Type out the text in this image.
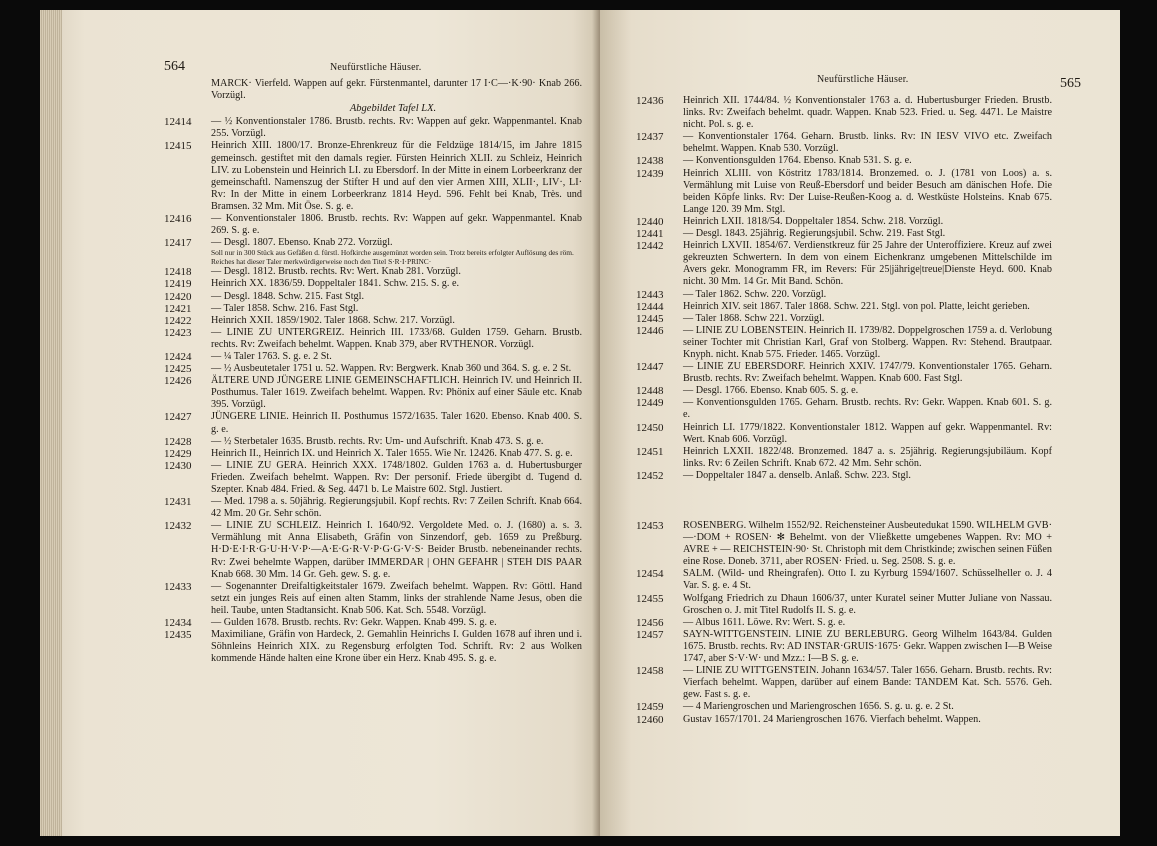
564	Neufürstliche Häuser.
MARCK· Vierfeld. Wappen auf gekr. Fürstenmantel, darunter 17 I·C—·K·90· Knab 266. Vorzügl.
Abgebildet Tafel LX.
12414	— ½ Konventionstaler 1786. Brustb. rechts. Rv: Wappen auf gekr. Wappenmantel. Knab 255. Vorzügl.
12415	Heinrich XIII. 1800/17. Bronze-Ehrenkreuz für die Feldzüge 1814/15, im Jahre 1815 gemeinsch. gestiftet mit den damals regier. Fürsten Heinrich XLII. zu Schleiz, Heinrich LIV. zu Lobenstein und Heinrich LI. zu Ebersdorf. In der Mitte in einem Lorbeerkranz der gemeinschaftl. Namenszug der Stifter H und auf den vier Armen XIII, XLII·, LIV·, LI· Rv: In der Mitte in einem Lorbeerkranz 1814 Heyd. 596. Fehlt bei Knab, Très. und Bramsen. 32 Mm. Mit Öse. S. g. e.
12416	— Konventionstaler 1806. Brustb. rechts. Rv: Wappen auf gekr. Wappenmantel. Knab 269. S. g. e.
12417	— Desgl. 1807. Ebenso. Knab 272. Vorzügl.
Soll nur in 300 Stück aus Gefäßen d. fürstl. Hofkirche ausgemünzt worden sein. Trotz bereits erfolgter Auflösung des röm. Reiches hat dieser Taler merkwürdigerweise noch den Titel S·R·I·PRINC·
12418	— Desgl. 1812. Brustb. rechts. Rv: Wert. Knab 281. Vorzügl.
12419	Heinrich XX. 1836/59. Doppeltaler 1841. Schw. 215. S. g. e.
12420	— Desgl. 1848. Schw. 215. Fast Stgl.
12421	— Taler 1858. Schw. 216. Fast Stgl.
12422	Heinrich XXII. 1859/1902. Taler 1868. Schw. 217. Vorzügl.
12423	— LINIE ZU UNTERGREIZ. Heinrich III. 1733/68. Gulden 1759. Geharn. Brustb. rechts. Rv: Zweifach behelmt. Wappen. Knab 379, aber RVTHENOR. Vorzügl.
12424	— ¼ Taler 1763. S. g. e. 2 St.
12425	— ½ Ausbeutetaler 1751 u. 52. Wappen. Rv: Bergwerk. Knab 360 und 364. S. g. e. 2 St.
12426	ÄLTERE UND JÜNGERE LINIE GEMEINSCHAFTLICH. Heinrich IV. und Heinrich II. Posthumus. Taler 1619. Zweifach behelmt. Wappen. Rv: Phönix auf einer Säule etc. Knab 395. Vorzügl.
12427	JÜNGERE LINIE. Heinrich II. Posthumus 1572/1635. Taler 1620. Ebenso. Knab 400. S. g. e.
12428	— ½ Sterbetaler 1635. Brustb. rechts. Rv: Um- und Aufschrift. Knab 473. S. g. e.
12429	Heinrich II., Heinrich IX. und Heinrich X. Taler 1655. Wie Nr. 12426. Knab 477. S. g. e.
12430	— LINIE ZU GERA. Heinrich XXX. 1748/1802. Gulden 1763 a. d. Hubertusburger Frieden. Zweifach behelmt. Wappen. Rv: Der personif. Friede übergibt d. Tugend d. Szepter. Knab 484. Fried. & Seg. 4471 b. Le Maistre 602. Stgl. Justiert.
12431	— Med. 1798 a. s. 50jährig. Regierungsjubil. Kopf rechts. Rv: 7 Zeilen Schrift. Knab 664. 42 Mm. 20 Gr. Sehr schön.
12432	— LINIE ZU SCHLEIZ. Heinrich I. 1640/92. Vergoldete Med. o. J. (1680) a. s. 3. Vermählung mit Anna Elisabeth, Gräfin von Sinzendorf, geb. 1659 zu Preßburg. H·D·E·I·R·G·U·H·V·P·—A·E·G·R·V·P·G·G·V·S· Beider Brustb. nebeneinander rechts. Rv: Zwei behelmte Wappen, darüber IMMERDAR | OHN GEFAHR | STEH DIS PAAR Knab 668. 30 Mm. 14 Gr. Geh. gew. S. g. e.
12433	— Sogenannter Dreifaltigkeitstaler 1679. Zweifach behelmt. Wappen. Rv: Göttl. Hand setzt ein junges Reis auf einen alten Stamm, links der strahlende Name Jesus, oben die heil. Taube, unten Stadtansicht. Knab 506. Kat. Sch. 5548. Vorzügl.
12434	— Gulden 1678. Brustb. rechts. Rv: Gekr. Wappen. Knab 499. S. g. e.
12435	Maximiliane, Gräfin von Hardeck, 2. Gemahlin Heinrichs I. Gulden 1678 auf ihren und i. Söhnleins Heinrich XIX. zu Regensburg erfolgten Tod. Schrift. Rv: 2 aus Wolken kommende Hände halten eine Krone über ein Herz. Knab 495. S. g. e.
Neufürstliche Häuser.	565
12436	Heinrich XII. 1744/84. ½ Konventionstaler 1763 a. d. Hubertusburger Frieden. Brustb. links. Rv: Zweifach behelmt. quadr. Wappen. Knab 523. Fried. u. Seg. 4471. Le Maistre nicht. Pol. s. g. e.
12437	— Konventionstaler 1764. Geharn. Brustb. links. Rv: IN IESV VIVO etc. Zweifach behelmt. Wappen. Knab 530. Vorzügl.
12438	— Konventionsgulden 1764. Ebenso. Knab 531. S. g. e.
12439	Heinrich XLIII. von Köstritz 1783/1814. Bronzemed. o. J. (1781 von Loos) a. s. Vermählung mit Luise von Reuß-Ebersdorf und beider Besuch am dänischen Hofe. Die beiden Köpfe links. Rv: Der Luise-Reußen-Koog a. d. Westküste Holsteins. Knab 675. Lange 120. 39 Mm. Stgl.
12440	Heinrich LXII. 1818/54. Doppeltaler 1854. Schw. 218. Vorzügl.
12441	— Desgl. 1843. 25jährig. Regierungsjubil. Schw. 219. Fast Stgl.
12442	Heinrich LXVII. 1854/67. Verdienstkreuz für 25 Jahre der Unteroffiziere. Kreuz auf zwei gekreuzten Schwertern. In dem von einem Eichenkranz umgebenen Mittelschilde im Avers gekr. Monogramm FR, im Revers: Für 25|jährige|treue|Dienste Heyd. 600. Knab nicht. 30 Mm. 14 Gr. Mit Band. Schön.
12443	— Taler 1862. Schw. 220. Vorzügl.
12444	Heinrich XIV. seit 1867. Taler 1868. Schw. 221. Stgl. von pol. Platte, leicht gerieben.
12445	— Taler 1868. Schw 221. Vorzügl.
12446	— LINIE ZU LOBENSTEIN. Heinrich II. 1739/82. Doppelgroschen 1759 a. d. Verlobung seiner Tochter mit Christian Karl, Graf von Stolberg. Wappen. Rv: Stehend. Brautpaar. Knyph. nicht. Knab 575. Frieder. 1465. Vorzügl.
12447	— LINIE ZU EBERSDORF. Heinrich XXIV. 1747/79. Konventionstaler 1765. Geharn. Brustb. rechts. Rv: Zweifach behelmt. Wappen. Knab 600. Fast Stgl.
12448	— Desgl. 1766. Ebenso. Knab 605. S. g. e.
12449	— Konventionsgulden 1765. Geharn. Brustb. rechts. Rv: Gekr. Wappen. Knab 601. S. g. e.
12450	Heinrich LI. 1779/1822. Konventionstaler 1812. Wappen auf gekr. Wappenmantel. Rv: Wert. Knab 606. Vorzügl.
12451	Heinrich LXXII. 1822/48. Bronzemed. 1847 a. s. 25jährig. Regierungsjubiläum. Kopf links. Rv: 6 Zeilen Schrift. Knab 672. 42 Mm. Sehr schön.
12452	— Doppeltaler 1847 a. denselb. Anlaß. Schw. 223. Stgl.
12453	ROSENBERG. Wilhelm 1552/92. Reichensteiner Ausbeutedukat 1590. WILHELM GVB·—·DOM + ROSEN· ✻ Behelmt. von der Vließkette umgebenes Wappen. Rv: MO + AVRE + — REICHSTEIN·90· St. Christoph mit dem Christkinde; zwischen seinen Füßen eine Rose. Doneb. 3711, aber ROSEN· Fried. u. Seg. 2508. S. g. e.
12454	SALM. (Wild- und Rheingrafen). Otto I. zu Kyrburg 1594/1607. Schüsselheller o. J. 4 Var. S. g. e. 4 St.
12455	Wolfgang Friedrich zu Dhaun 1606/37, unter Kuratel seiner Mutter Juliane von Nassau. Groschen o. J. mit Titel Rudolfs II. S. g. e.
12456	— Albus 1611. Löwe. Rv: Wert. S. g. e.
12457	SAYN-WITTGENSTEIN. LINIE ZU BERLEBURG. Georg Wilhelm 1643/84. Gulden 1675. Brustb. rechts. Rv: AD INSTAR·GRUIS·1675· Gekr. Wappen zwischen I—B Weise 1747, aber S·V·W· und Mzz.: I—B S. g. e.
12458	— LINIE ZU WITTGENSTEIN. Johann 1634/57. Taler 1656. Geharn. Brustb. rechts. Rv: Vierfach behelmt. Wappen, darüber auf einem Bande: TANDEM Kat. Sch. 5576. Geh. gew. Fast s. g. e.
12459	— 4 Mariengroschen und Mariengroschen 1656. S. g. u. g. e. 2 St.
12460	Gustav 1657/1701. 24 Mariengroschen 1676. Vierfach behelmt. Wappen.
